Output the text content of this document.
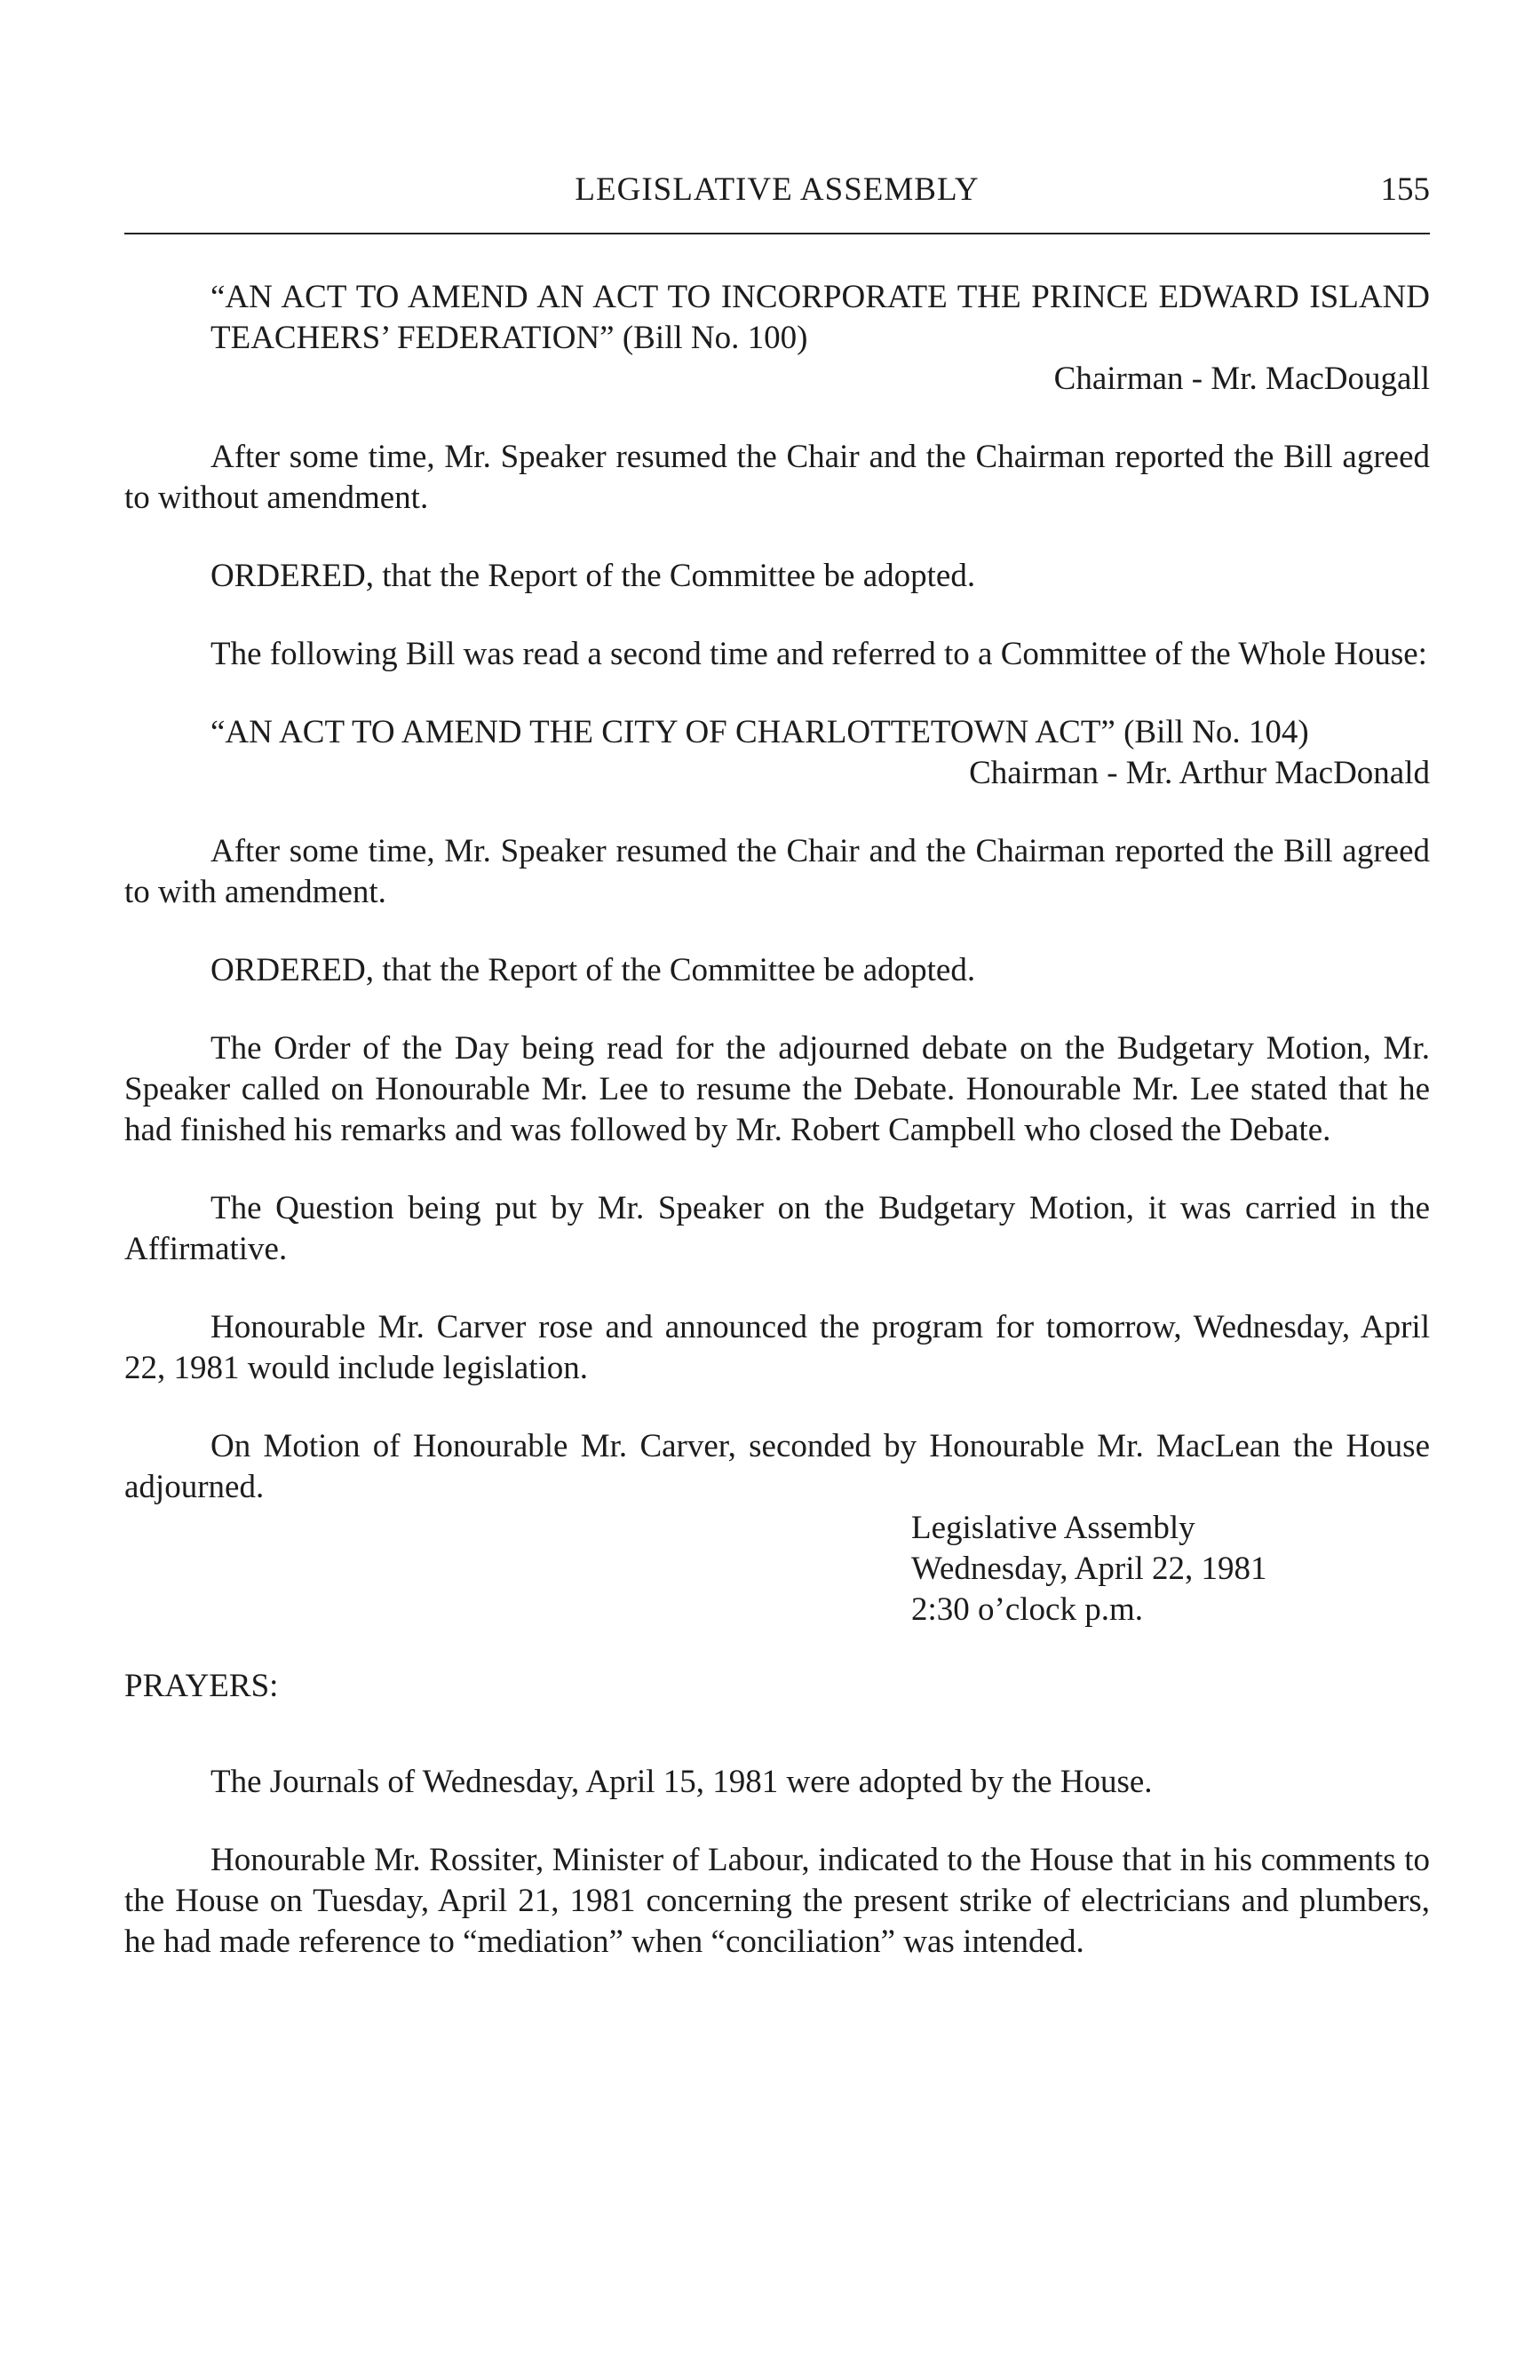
LEGISLATIVE ASSEMBLY	155

“AN ACT TO AMEND AN ACT TO INCORPORATE THE PRINCE EDWARD ISLAND TEACHERS’ FEDERATION” (Bill No. 100)

Chairman - Mr. MacDougall

After some time, Mr. Speaker resumed the Chair and the Chairman reported the Bill agreed to without amendment.

ORDERED, that the Report of the Committee be adopted.

The following Bill was read a second time and referred to a Committee of the Whole House:

“AN ACT TO AMEND THE CITY OF CHARLOTTETOWN ACT” (Bill No. 104)

Chairman - Mr. Arthur MacDonald

After some time, Mr. Speaker resumed the Chair and the Chairman reported the Bill agreed to with amendment.

ORDERED, that the Report of the Committee be adopted.

The Order of the Day being read for the adjourned debate on the Budgetary Motion, Mr. Speaker called on Honourable Mr. Lee to resume the Debate. Honourable Mr. Lee stated that he had finished his remarks and was followed by Mr. Robert Campbell who closed the Debate.

The Question being put by Mr. Speaker on the Budgetary Motion, it was carried in the Affirmative.

Honourable Mr. Carver rose and announced the program for tomorrow, Wednesday, April 22, 1981 would include legislation.

On Motion of Honourable Mr. Carver, seconded by Honourable Mr. MacLean the House adjourned.

Legislative Assembly
Wednesday, April 22, 1981
2:30 o’clock p.m.

PRAYERS:

The Journals of Wednesday, April 15, 1981 were adopted by the House.

Honourable Mr. Rossiter, Minister of Labour, indicated to the House that in his comments to the House on Tuesday, April 21, 1981 concerning the present strike of electricians and plumbers, he had made reference to “mediation” when “conciliation” was intended.
